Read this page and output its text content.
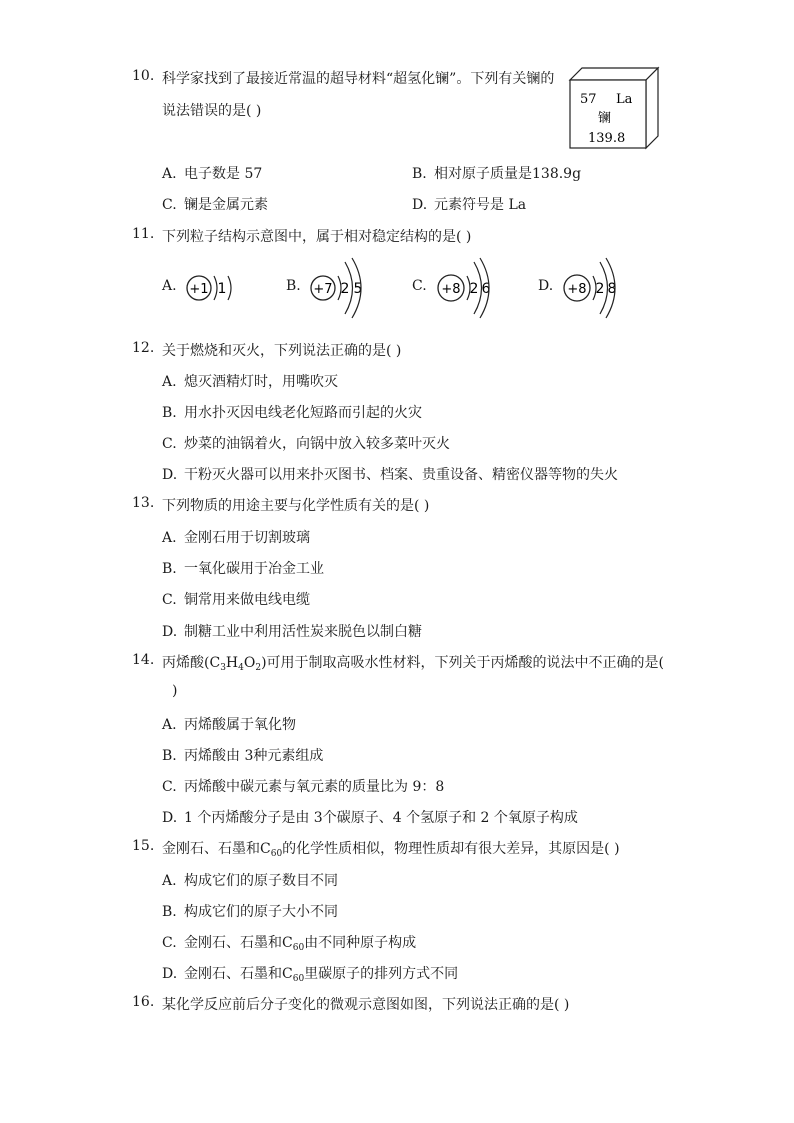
10. 科学家找到了最接近常温的超导材料“超氢化镧”。下列有关镧的
说法错误的是( )
57 La
镧
139.8
A. 电子数是 57	B. 相对原子质量是138.9g
C. 镧是金属元素	D. 元素符号是 La
11. 下列粒子结构示意图中，属于相对稳定结构的是( )
A. +1 1	B. +7 2 5	C. +8 2 6	D. +8 2 8
12. 关于燃烧和灭火，下列说法正确的是( )
A. 熄灭酒精灯时，用嘴吹灭
B. 用水扑灭因电线老化短路而引起的火灾
C. 炒菜的油锅着火，向锅中放入较多菜叶灭火
D. 干粉灭火器可以用来扑灭图书、档案、贵重设备、精密仪器等物的失火
13. 下列物质的用途主要与化学性质有关的是( )
A. 金刚石用于切割玻璃
B. 一氧化碳用于冶金工业
C. 铜常用来做电线电缆
D. 制糖工业中利用活性炭来脱色以制白糖
14. 丙烯酸$(C_3H_4O_2)$可用于制取高吸水性材料，下列关于丙烯酸的说法中不正确的是(
)
A. 丙烯酸属于氧化物
B. 丙烯酸由 3种元素组成
C. 丙烯酸中碳元素与氧元素的质量比为 9：8
D. 1 个丙烯酸分子是由 3个碳原子、4 个氢原子和 2 个氧原子构成
15. 金刚石、石墨和$C_{60}$的化学性质相似，物理性质却有很大差异，其原因是( )
A. 构成它们的原子数目不同
B. 构成它们的原子大小不同
C. 金刚石、石墨和$C_{60}$由不同种原子构成
D. 金刚石、石墨和$C_{60}$里碳原子的排列方式不同
16. 某化学反应前后分子变化的微观示意图如图，下列说法正确的是( )
